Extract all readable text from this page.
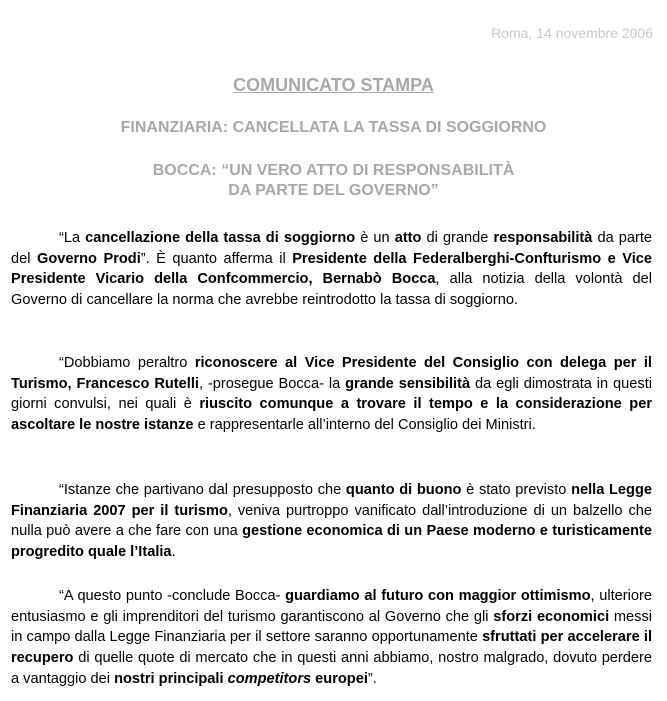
Roma, 14 novembre 2006
COMUNICATO STAMPA
FINANZIARIA: CANCELLATA LA TASSA DI SOGGIORNO
BOCCA: “UN VERO ATTO DI RESPONSABILITÀ
DA PARTE DEL GOVERNO”

“La cancellazione della tassa di soggiorno è un atto di grande responsabilità da parte del Governo Prodi”. È quanto afferma il Presidente della Federalberghi-Confturismo e Vice Presidente Vicario della Confcommercio, Bernabò Bocca, alla notizia della volontà del Governo di cancellare la norma che avrebbe reintrodotto la tassa di soggiorno.

“Dobbiamo peraltro riconoscere al Vice Presidente del Consiglio con delega per il Turismo, Francesco Rutelli, -prosegue Bocca- la grande sensibilità da egli dimostrata in questi giorni convulsi, nei quali è riuscito comunque a trovare il tempo e la considerazione per ascoltare le nostre istanze e rappresentarle all’interno del Consiglio dei Ministri.

“Istanze che partivano dal presupposto che quanto di buono è stato previsto nella Legge Finanziaria 2007 per il turismo, veniva purtroppo vanificato dall’introduzione di un balzello che nulla può avere a che fare con una gestione economica di un Paese moderno e turisticamente progredito quale l’Italia.

“A questo punto -conclude Bocca- guardiamo al futuro con maggior ottimismo, ulteriore entusiasmo e gli imprenditori del turismo garantiscono al Governo che gli sforzi economici messi in campo dalla Legge Finanziaria per il settore saranno opportunamente sfruttati per accelerare il recupero di quelle quote di mercato che in questi anni abbiamo, nostro malgrado, dovuto perdere a vantaggio dei nostri principali competitors europei”.
